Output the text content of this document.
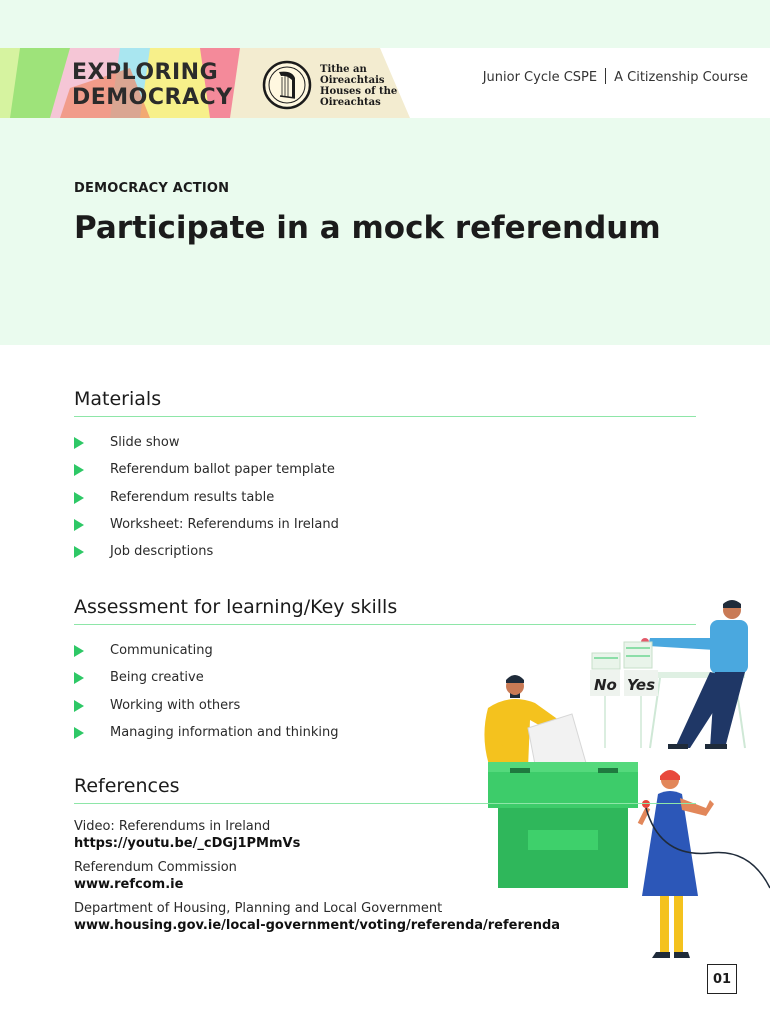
EXPLORING
DEMOCRACY
Tithe an
Oireachtais
Houses of the
Oireachtas
Junior Cycle CSPE A Citizenship Course
DEMOCRACY ACTION
Participate in a mock referendum
Materials
Slide show
Referendum ballot paper template
Referendum results table
Worksheet: Referendums in Ireland
Job descriptions
Assessment for learning/Key skills
Communicating
Being creative
Working with others
Managing information and thinking
No Yes
References
Video: Referendums in Ireland
https://youtu.be/_cDGj1PMmVs
Referendum Commission
www.refcom.ie
Department of Housing, Planning and Local Government
www.housing.gov.ie/local-government/voting/referenda/referenda
01
